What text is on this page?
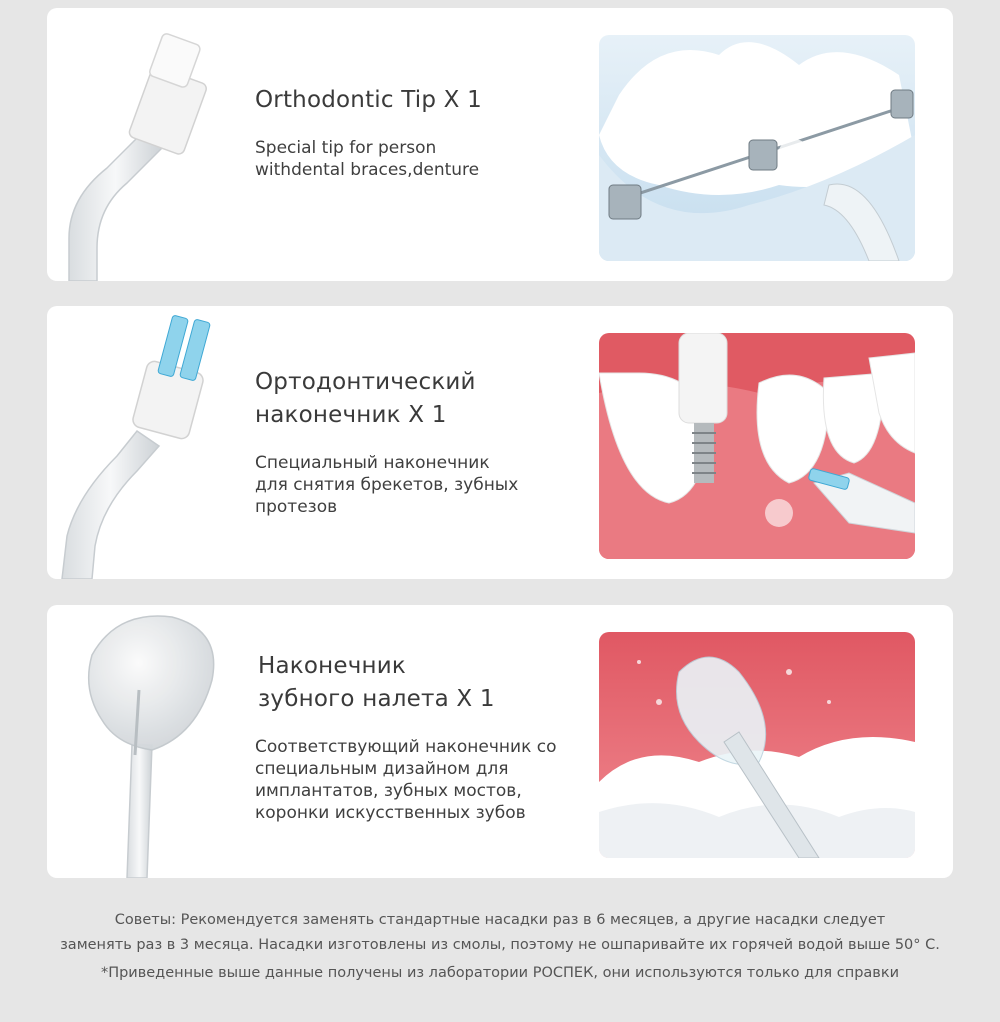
Orthodontic Tip X 1
Special tip for person
withdental braces,denture
Ортодонтический
наконечник X 1
Специальный наконечник
для снятия брекетов, зубных
протезов
Наконечник
зубного налета X 1
Соответствующий наконечник со
специальным дизайном для
имплантатов, зубных мостов,
коронки искусственных зубов

Советы: Рекомендуется заменять стандартные насадки раз в 6 месяцев, а другие насадки следует

заменять раз в 3 месяца. Насадки изготовлены из смолы, поэтому не ошпаривайте их горячей водой выше 50° C.

*Приведенные выше данные получены из лаборатории РОСПЕК, они используются только для справки
